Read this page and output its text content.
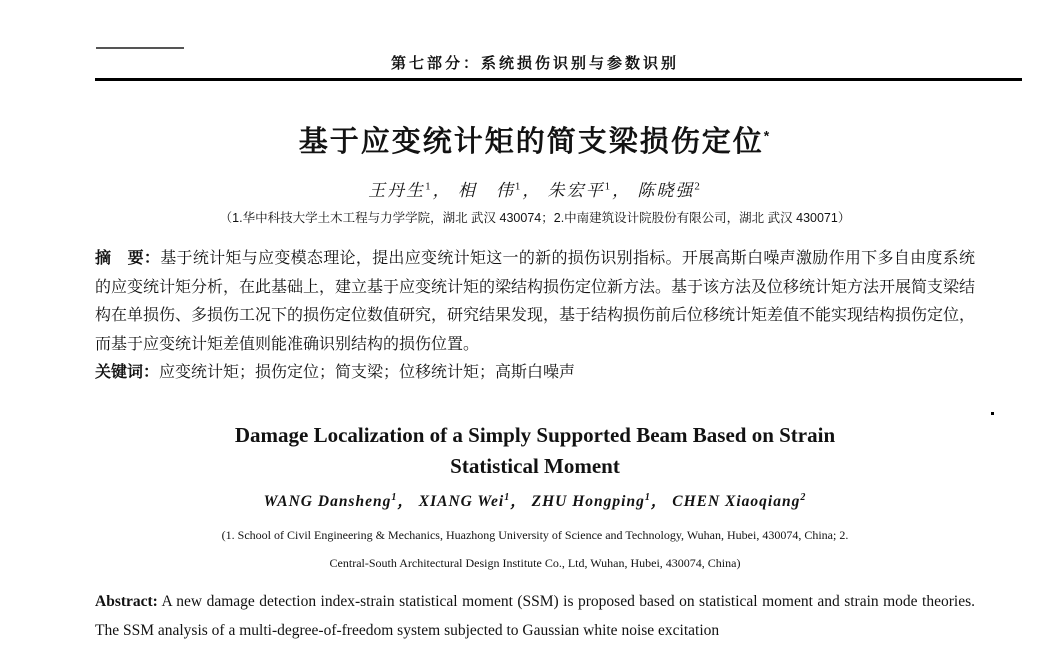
第七部分：系统损伤识别与参数识别
基于应变统计矩的简支梁损伤定位*
王丹生$^1$， 相　伟$^1$， 朱宏平$^1$， 陈晓强$^2$
（1.华中科技大学土木工程与力学学院，湖北 武汉 430074；2.中南建筑设计院股份有限公司，湖北 武汉 430071）
摘　要：基于统计矩与应变模态理论，提出应变统计矩这一的新的损伤识别指标。开展高斯白噪声激励作用下多自由度系统的应变统计矩分析，在此基础上，建立基于应变统计矩的梁结构损伤定位新方法。基于该方法及位移统计矩方法开展简支梁结构在单损伤、多损伤工况下的损伤定位数值研究，研究结果发现，基于结构损伤前后位移统计矩差值不能实现结构损伤定位，而基于应变统计矩差值则能准确识别结构的损伤位置。
关键词：应变统计矩；损伤定位；简支梁；位移统计矩；高斯白噪声
Damage Localization of a Simply Supported Beam Based on Strain
Statistical Moment
WANG Dansheng$^1$， XIANG Wei$^1$， ZHU Hongping$^1$， CHEN Xiaoqiang$^2$
(1. School of Civil Engineering & Mechanics, Huazhong University of Science and Technology, Wuhan, Hubei, 430074, China; 2.
Central-South Architectural Design Institute Co., Ltd, Wuhan, Hubei, 430074, China)
Abstract: A new damage detection index-strain statistical moment (SSM) is proposed based on statistical moment and strain mode theories. The SSM analysis of a multi-degree-of-freedom system subjected to Gaussian white noise excitation
